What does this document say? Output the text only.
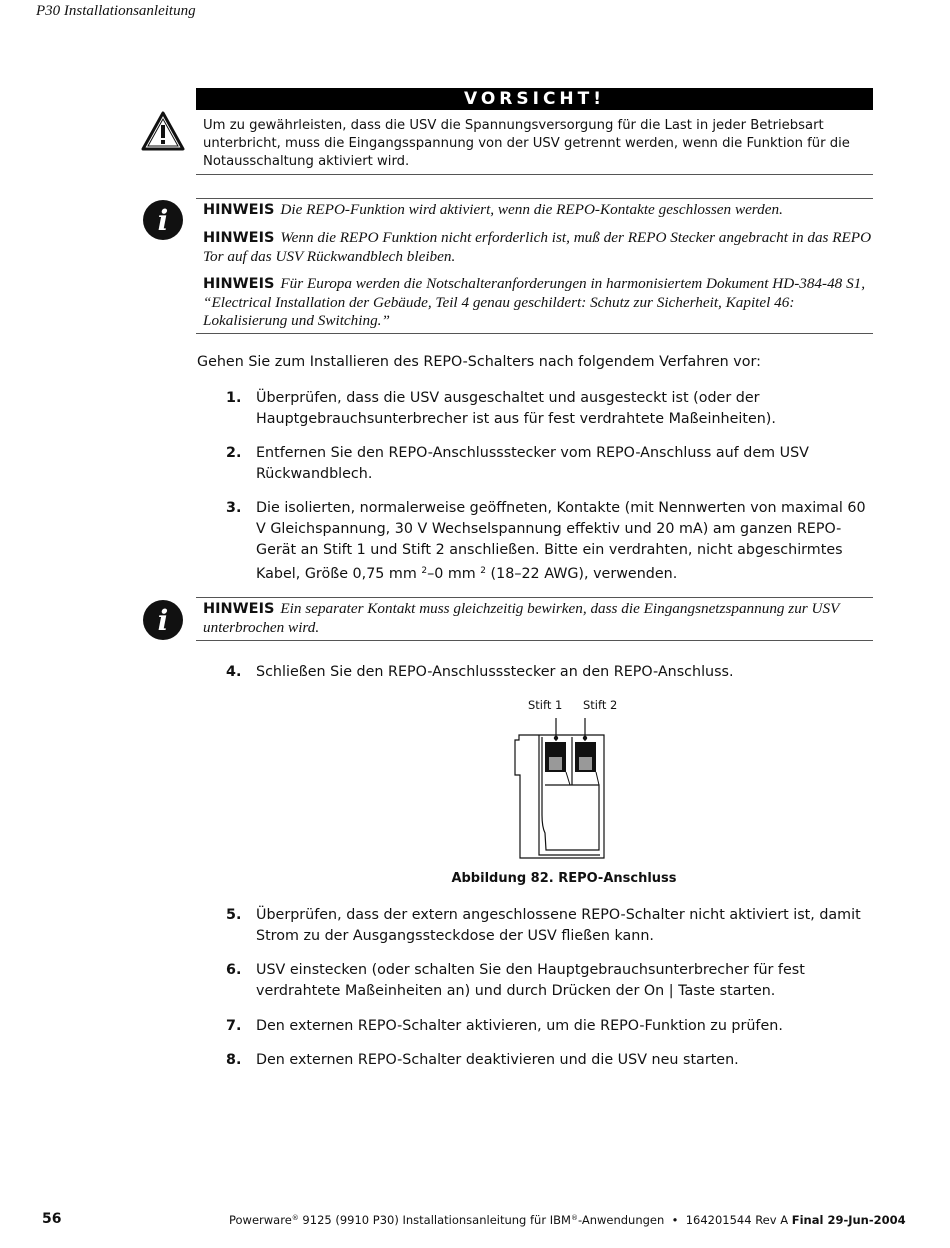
P30 Installationsanleitung
VORSICHT!
Um zu gewährleisten, dass die USV die Spannungsversorgung für die Last in jeder Betriebsart unterbricht, muss die Eingangsspannung von der USV getrennt werden, wenn die Funktion für die Notausschaltung aktiviert wird.
i	HINWEIS Die REPO-Funktion wird aktiviert, wenn die REPO-Kontakte geschlossen werden.
HINWEIS Wenn die REPO Funktion nicht erforderlich ist, muß der REPO Stecker angebracht in das REPO Tor auf das USV Rückwandblech bleiben.
HINWEIS Für Europa werden die Notschalteranforderungen in harmonisiertem Dokument HD-384-48 S1, “Electrical Installation der Gebäude, Teil 4 genau geschildert: Schutz zur Sicherheit, Kapitel 46: Lokalisierung und Switching.”
Gehen Sie zum Installieren des REPO-Schalters nach folgendem Verfahren vor:
1. Überprüfen, dass die USV ausgeschaltet und ausgesteckt ist (oder der Hauptgebrauchsunterbrecher ist aus für fest verdrahtete Maßeinheiten).
2. Entfernen Sie den REPO-Anschlussstecker vom REPO-Anschluss auf dem USV Rückwandblech.
3. Die isolierten, normalerweise geöffneten, Kontakte (mit Nennwerten von maximal 60 V Gleichspannung, 30 V Wechselspannung effektiv und 20 mA) am ganzen REPO-Gerät an Stift 1 und Stift 2 anschließen. Bitte ein verdrahten, nicht abgeschirmtes Kabel, Größe 0,75 mm $^2$–0 mm $^2$ (18–22 AWG), verwenden.
i	HINWEIS Ein separater Kontakt muss gleichzeitig bewirken, dass die Eingangsnetzspannung zur USV unterbrochen wird.
4. Schließen Sie den REPO-Anschlussstecker an den REPO-Anschluss.
Stift 1 Stift 2
Abbildung 82. REPO-Anschluss
5. Überprüfen, dass der extern angeschlossene REPO-Schalter nicht aktiviert ist, damit Strom zu der Ausgangssteckdose der USV fließen kann.
6. USV einstecken (oder schalten Sie den Hauptgebrauchsunterbrecher für fest verdrahtete Maßeinheiten an) und durch Drücken der On | Taste starten.
7. Den externen REPO-Schalter aktivieren, um die REPO-Funktion zu prüfen.
8. Den externen REPO-Schalter deaktivieren und die USV neu starten.
56	Powerware® 9125 (9910 P30) Installationsanleitung für IBM®-Anwendungen  •  164201544 Rev A Final 29-Jun-2004
